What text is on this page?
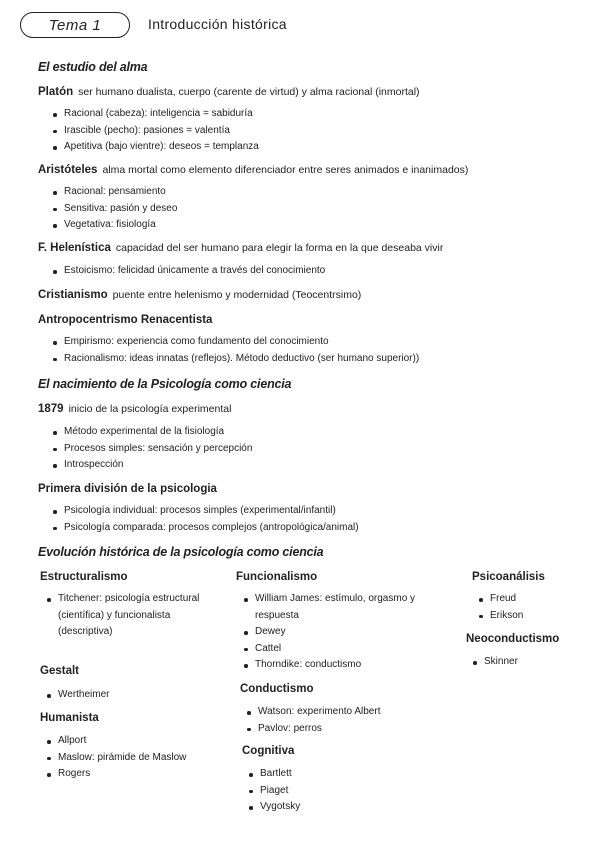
Tema 1	Introducción histórica
El estudio del alma
Platón ser humano dualista, cuerpo (carente de virtud) y alma racional (inmortal)
Racional (cabeza): inteligencia = sabiduría
Irascible (pecho): pasiones = valentía
Apetitiva (bajo vientre): deseos = templanza
Aristóteles alma mortal como elemento diferenciador entre seres animados e inanimados)
Racional: pensamiento
Sensitiva: pasión y deseo
Vegetativa: fisiología
F. Helenística capacidad del ser humano para elegir la forma en la que deseaba vivir
Estoicismo: felicidad únicamente a través del conocimiento
Cristianismo puente entre helenismo y modernidad (Teocentrsimo)
Antropocentrismo Renacentista
Empirismo: experiencia como fundamento del conocimiento
Racionalismo: ideas innatas (reflejos). Método deductivo (ser humano superior))
El nacimiento de la Psicología como ciencia
1879 inicio de la psicología experimental
Método experimental de la fisiología
Procesos simples: sensación y percepción
Introspección
Primera división de la psicologia
Psicología individual: procesos simples (experimental/infantil)
Psicología comparada: procesos complejos (antropológica/animal)
Evolución histórica de la psicología como ciencia
Estructuralismo
Titchener: psicología estructural (científica) y funcionalista (descriptiva)
Gestalt
Wertheimer
Humanista
Allport
Maslow: pirámide de Maslow
Rogers
Funcionalismo
William James: estímulo, orgasmo y respuesta
Dewey
Cattel
Thorndike: conductismo
Conductismo
Watson: experimento Albert
Pavlov: perros
Cognitiva
Bartlett
Piaget
Vygotsky
Psicoanálisis
Freud
Erikson
Neoconductismo
Skinner
